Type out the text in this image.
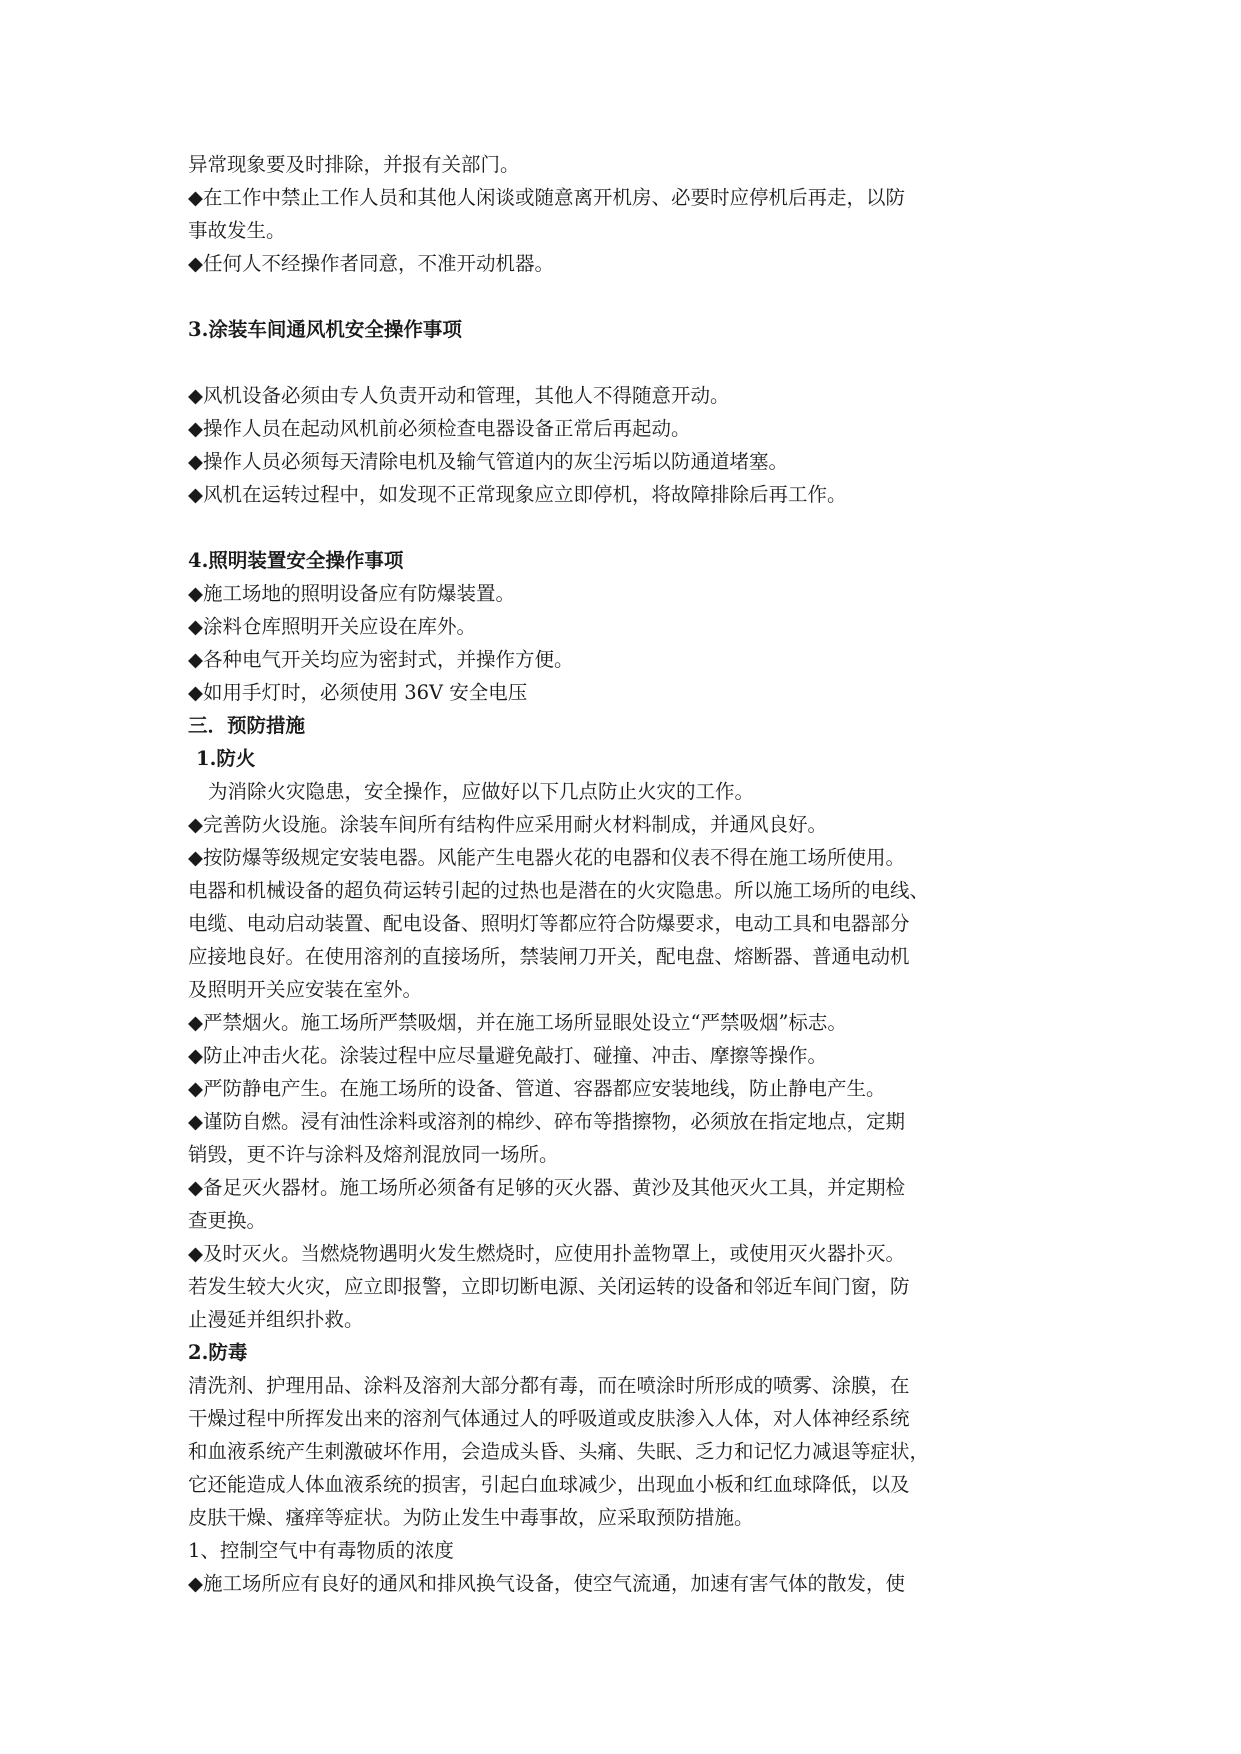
异常现象要及时排除，并报有关部门。
◆在工作中禁止工作人员和其他人闲谈或随意离开机房、必要时应停机后再走，以防
事故发生。
◆任何人不经操作者同意，不准开动机器。
3.涂装车间通风机安全操作事项
◆风机设备必须由专人负责开动和管理，其他人不得随意开动。
◆操作人员在起动风机前必须检查电器设备正常后再起动。
◆操作人员必须每天清除电机及输气管道内的灰尘污垢以防通道堵塞。
◆风机在运转过程中，如发现不正常现象应立即停机，将故障排除后再工作。
4.照明装置安全操作事项
◆施工场地的照明设备应有防爆装置。
◆涂料仓库照明开关应设在库外。
◆各种电气开关均应为密封式，并操作方便。
◆如用手灯时，必须使用 36V 安全电压
三．预防措施
1.防火
为消除火灾隐患，安全操作，应做好以下几点防止火灾的工作。
◆完善防火设施。涂装车间所有结构件应采用耐火材料制成，并通风良好。
◆按防爆等级规定安装电器。风能产生电器火花的电器和仪表不得在施工场所使用。
电器和机械设备的超负荷运转引起的过热也是潜在的火灾隐患。所以施工场所的电线、
电缆、电动启动装置、配电设备、照明灯等都应符合防爆要求，电动工具和电器部分
应接地良好。在使用溶剂的直接场所，禁装闸刀开关，配电盘、熔断器、普通电动机
及照明开关应安装在室外。
◆严禁烟火。施工场所严禁吸烟，并在施工场所显眼处设立“严禁吸烟”标志。
◆防止冲击火花。涂装过程中应尽量避免敲打、碰撞、冲击、摩擦等操作。
◆严防静电产生。在施工场所的设备、管道、容器都应安装地线，防止静电产生。
◆谨防自燃。浸有油性涂料或溶剂的棉纱、碎布等揩擦物，必须放在指定地点，定期
销毁，更不许与涂料及熔剂混放同一场所。
◆备足灭火器材。施工场所必须备有足够的灭火器、黄沙及其他灭火工具，并定期检
查更换。
◆及时灭火。当燃烧物遇明火发生燃烧时，应使用扑盖物罩上，或使用灭火器扑灭。
若发生较大火灾，应立即报警，立即切断电源、关闭运转的设备和邻近车间门窗，防
止漫延并组织扑救。
2.防毒
清洗剂、护理用品、涂料及溶剂大部分都有毒，而在喷涂时所形成的喷雾、涂膜，在
干燥过程中所挥发出来的溶剂气体通过人的呼吸道或皮肤渗入人体，对人体神经系统
和血液系统产生刺激破坏作用，会造成头昏、头痛、失眠、乏力和记忆力减退等症状，
它还能造成人体血液系统的损害，引起白血球减少，出现血小板和红血球降低，以及
皮肤干燥、瘙痒等症状。为防止发生中毒事故，应采取预防措施。
1、控制空气中有毒物质的浓度
◆施工场所应有良好的通风和排风换气设备，使空气流通，加速有害气体的散发，使
